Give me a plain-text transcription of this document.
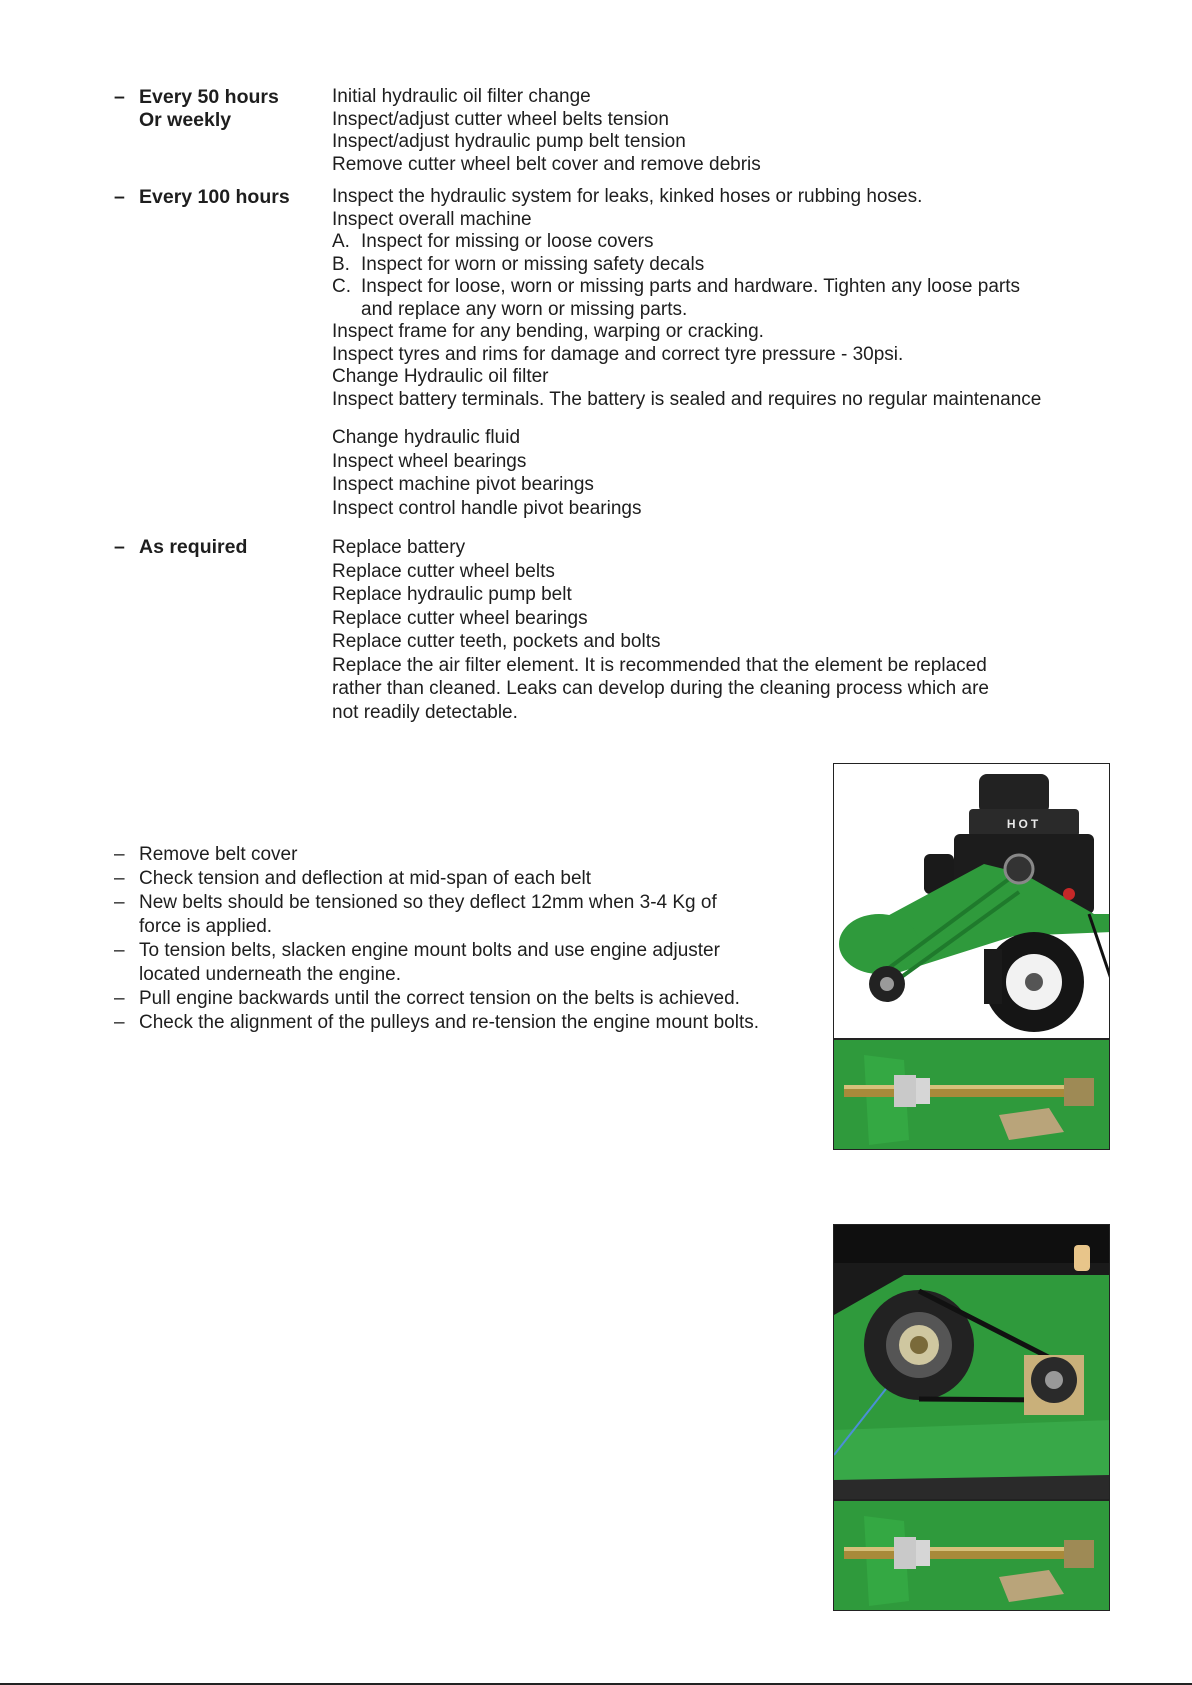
– Every 50 hours
Or weekly
Initial hydraulic oil filter change
Inspect/adjust cutter wheel belts tension
Inspect/adjust hydraulic pump belt tension
Remove cutter wheel belt cover and remove debris
– Every 100 hours Inspect the hydraulic system for leaks, kinked hoses or rubbing hoses.
Inspect overall machine
A. Inspect for missing or loose covers
B. Inspect for worn or missing safety decals
C. Inspect for loose, worn or missing parts and hardware. Tighten any loose parts
and replace any worn or missing parts.
Inspect frame for any bending, warping or cracking.
Inspect tyres and rims for damage and correct tyre pressure - 30psi.
Change Hydraulic oil filter
Inspect battery terminals. The battery is sealed and requires no regular maintenance
Change hydraulic fluid
Inspect wheel bearings
Inspect machine pivot bearings
Inspect control handle pivot bearings
– As required	Replace battery
Replace cutter wheel belts
Replace hydraulic pump belt
Replace cutter wheel bearings
Replace cutter teeth, pockets and bolts
Replace the air filter element. It is recommended that the element be replaced
rather than cleaned. Leaks can develop during the cleaning process which are
not readily detectable.
– Remove belt cover
– Check tension and deflection at mid-span of each belt
– New belts should be tensioned so they deflect 12mm when 3-4 Kg of
force is applied.
– To tension belts, slacken engine mount bolts and use engine adjuster
located underneath the engine.
– Pull engine backwards until the correct tension on the belts is achieved.
– Check the alignment of the pulleys and re-tension the engine mount bolts.
HOT
